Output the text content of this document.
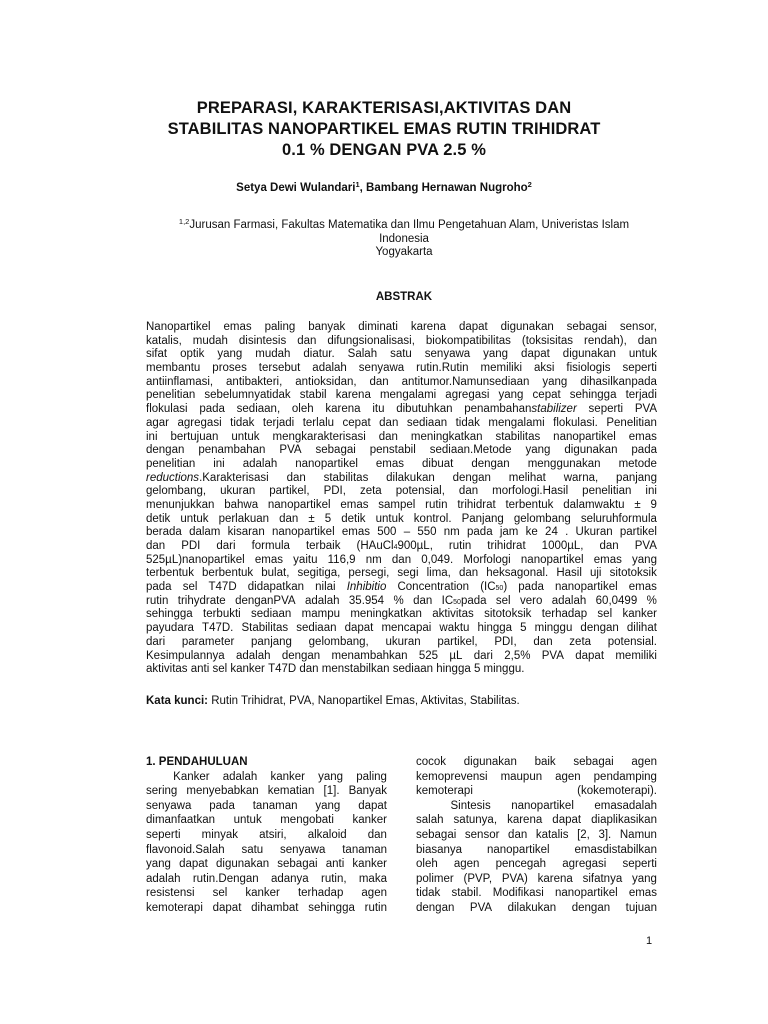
PREPARASI, KARAKTERISASI,AKTIVITAS DAN
STABILITAS NANOPARTIKEL EMAS RUTIN TRIHIDRAT
0.1 % DENGAN PVA 2.5 %
Setya Dewi Wulandari$^1$, Bambang Hernawan Nugroho$^2$
$^{1,2}$Jurusan Farmasi, Fakultas Matematika dan Ilmu Pengetahuan Alam, Univeristas Islam
Indonesia
Yogyakarta
ABSTRAK
Nanopartikel emas paling banyak diminati karena dapat digunakan sebagai sensor,
katalis, mudah disintesis dan difungsionalisasi, biokompatibilitas (toksisitas rendah), dan
sifat optik yang mudah diatur. Salah satu senyawa yang dapat digunakan untuk
membantu proses tersebut adalah senyawa rutin.Rutin memiliki aksi fisiologis seperti
antiinflamasi, antibakteri, antioksidan, dan antitumor.Namunsediaan yang dihasilkanpada
penelitian sebelumnyatidak stabil karena mengalami agregasi yang cepat sehingga terjadi
flokulasi pada sediaan, oleh karena itu dibutuhkan penambahanstabilizer seperti PVA
agar agregasi tidak terjadi terlalu cepat dan sediaan tidak mengalami flokulasi. Penelitian
ini bertujuan untuk mengkarakterisasi dan meningkatkan stabilitas nanopartikel emas
dengan penambahan PVA sebagai penstabil sediaan.Metode yang digunakan pada
penelitian ini adalah nanopartikel emas dibuat dengan menggunakan metode
reductions.Karakterisasi dan stabilitas dilakukan dengan melihat warna, panjang
gelombang, ukuran partikel, PDI, zeta potensial, dan morfologi.Hasil penelitian ini
menunjukkan bahwa nanopartikel emas sampel rutin trihidrat terbentuk dalamwaktu ± 9
detik untuk perlakuan dan ± 5 detik untuk kontrol. Panjang gelombang seluruhformula
berada dalam kisaran nanopartikel emas 500 – 550 nm pada jam ke 24 . Ukuran partikel
dan PDI dari formula terbaik (HAuCl4900µL, rutin trihidrat 1000µL, dan PVA
525µL)nanopartikel emas yaitu 116,9 nm dan 0,049. Morfologi nanopartikel emas yang
terbentuk berbentuk bulat, segitiga, persegi, segi lima, dan heksagonal. Hasil uji sitotoksik
pada sel T47D didapatkan nilai Inhibitio Concentration (IC50) pada nanopartikel emas
rutin trihydrate denganPVA adalah 35.954 % dan IC50pada sel vero adalah 60,0499 %
sehingga terbukti sediaan mampu meningkatkan aktivitas sitotoksik terhadap sel kanker
payudara T47D. Stabilitas sediaan dapat mencapai waktu hingga 5 minggu dengan dilihat
dari parameter panjang gelombang, ukuran partikel, PDI, dan zeta potensial.
Kesimpulannya adalah dengan menambahkan 525 µL dari 2,5% PVA dapat memiliki
aktivitas anti sel kanker T47D dan menstabilkan sediaan hingga 5 minggu.
Kata kunci: Rutin Trihidrat, PVA, Nanopartikel Emas, Aktivitas, Stabilitas.
1. PENDAHULUAN
Kanker adalah kanker yang paling
sering menyebabkan kematian [1]. Banyak
senyawa pada tanaman yang dapat
dimanfaatkan untuk mengobati kanker
seperti minyak atsiri, alkaloid dan
flavonoid.Salah satu senyawa tanaman
yang dapat digunakan sebagai anti kanker
adalah rutin.Dengan adanya rutin, maka
resistensi sel kanker terhadap agen
kemoterapi dapat dihambat sehingga rutin
cocok digunakan baik sebagai agen
kemoprevensi maupun agen pendamping
kemoterapi	(kokemoterapi).
Sintesis nanopartikel emasadalah
salah satunya, karena dapat diaplikasikan
sebagai sensor dan katalis [2, 3]. Namun
biasanya nanopartikel emasdistabilkan
oleh agen pencegah agregasi seperti
polimer (PVP, PVA) karena sifatnya yang
tidak stabil. Modifikasi nanopartikel emas
dengan PVA dilakukan dengan tujuan
1
